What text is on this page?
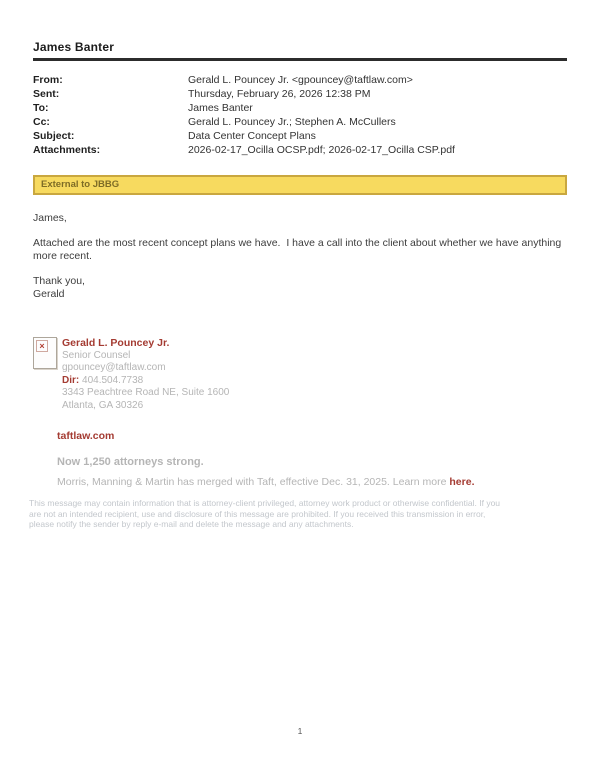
James Banter
From:	Gerald L. Pouncey Jr. <gpouncey@taftlaw.com>
Sent:	Thursday, February 26, 2026 12:38 PM
To:	James Banter
Cc:	Gerald L. Pouncey Jr.; Stephen A. McCullers
Subject:	Data Center Concept Plans
Attachments:	2026-02-17_Ocilla OCSP.pdf; 2026-02-17_Ocilla CSP.pdf
External to JBBG
James,
Attached are the most recent concept plans we have.  I have a call into the client about whether we have anything more recent.
Thank you,
Gerald
×	Gerald L. Pouncey Jr.
Senior Counsel
gpouncey@taftlaw.com
Dir: 404.504.7738
3343 Peachtree Road NE, Suite 1600
Atlanta, GA 30326
taftlaw.com
Now 1,250 attorneys strong.
Morris, Manning & Martin has merged with Taft, effective Dec. 31, 2025. Learn more here.
This message may contain information that is attorney-client privileged, attorney work product or otherwise confidential. If you
are not an intended recipient, use and disclosure of this message are prohibited. If you received this transmission in error,
please notify the sender by reply e-mail and delete the message and any attachments.
1
